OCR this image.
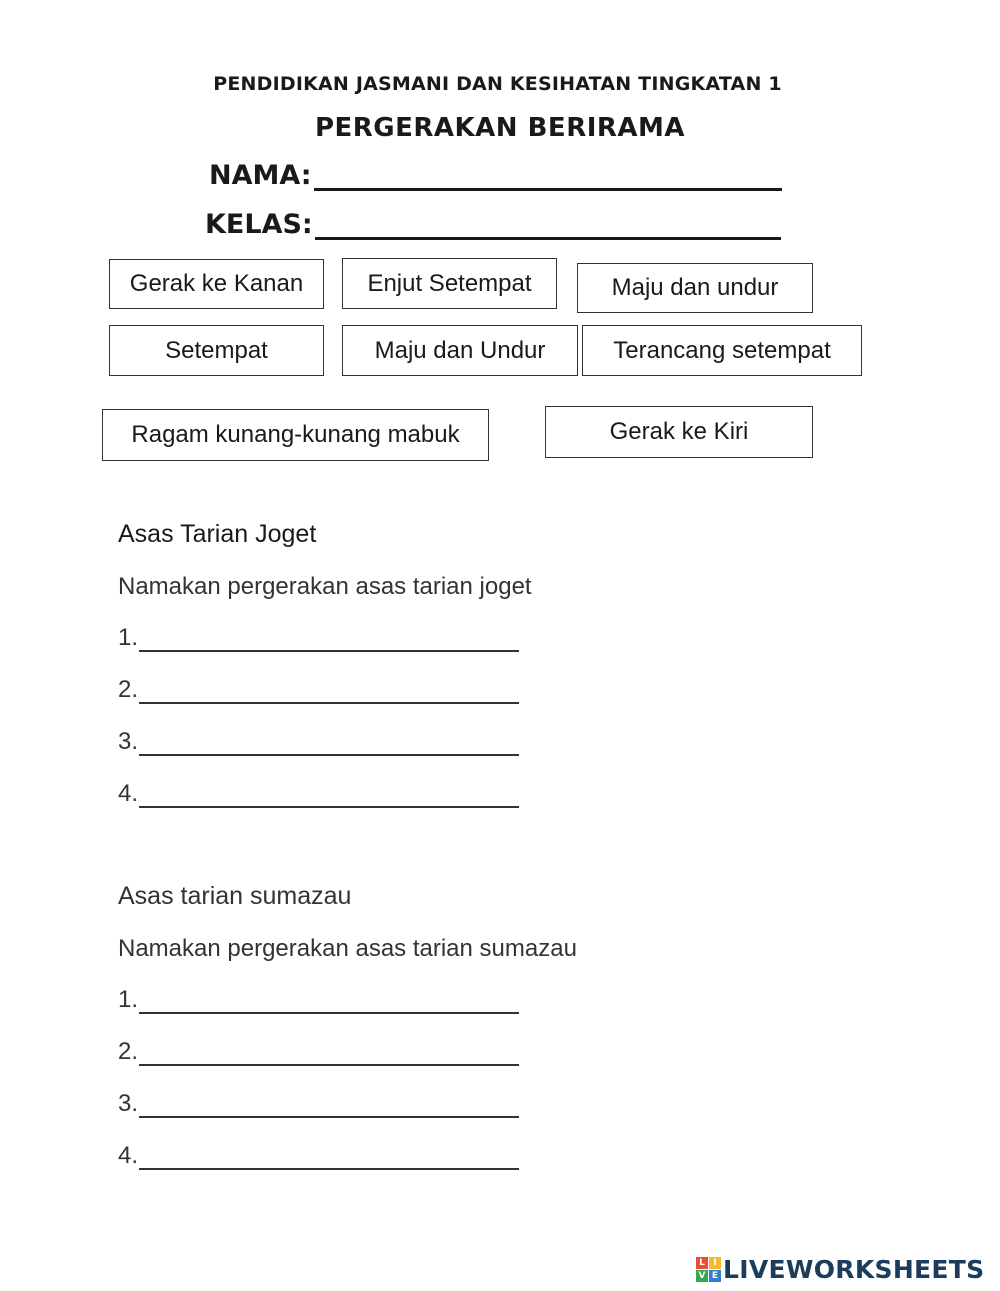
PENDIDIKAN JASMANI DAN KESIHATAN TINGKATAN 1
PERGERAKAN BERIRAMA
NAMA:
KELAS:
Gerak ke Kanan	Enjut Setempat	Maju dan undur
Setempat	Maju dan Undur	Terancang setempat
Ragam kunang-kunang mabuk	Gerak ke Kiri
Asas Tarian Joget
Namakan pergerakan asas tarian joget
1.
2.
3.
4.
Asas tarian sumazau
Namakan pergerakan asas tarian sumazau
1.
2.
3.
4.
L I
V E LIVEWORKSHEETS
